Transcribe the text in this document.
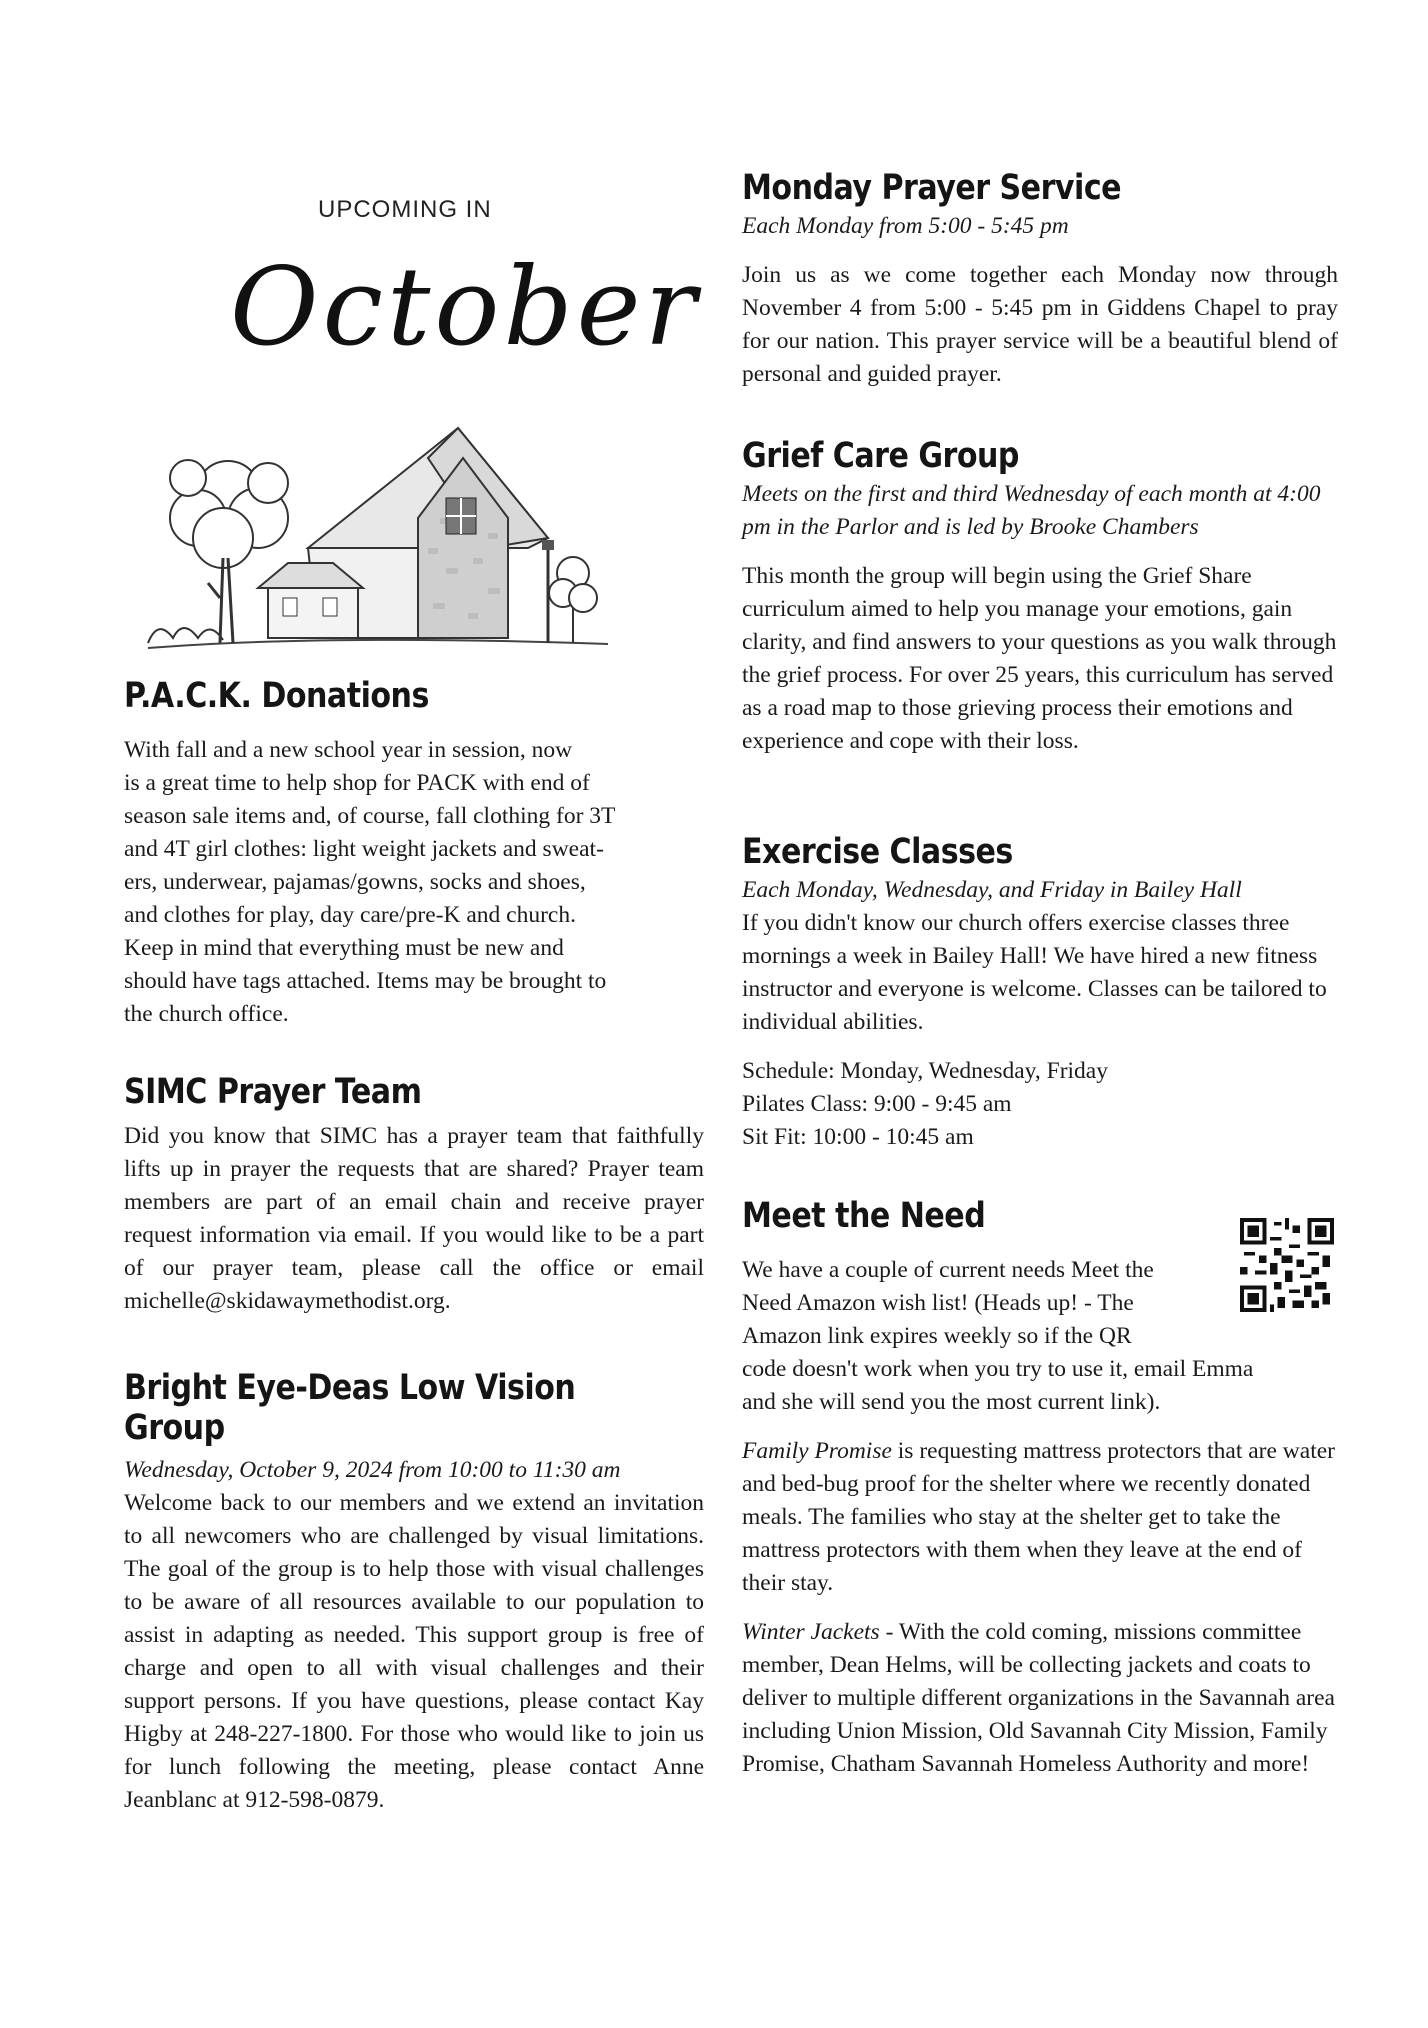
UPCOMING IN
October
P.A.C.K. Donations

With fall and a new school year in session, now

is a great time to help shop for PACK with end of

season sale items and, of course, fall clothing for 3T

and 4T girl clothes: light weight jackets and sweat-

ers, underwear, pajamas/gowns, socks and shoes,

and clothes for play, day care/pre-K and church.

Keep in mind that everything must be new and

should have tags attached. Items may be brought to

the church office.

SIMC Prayer Team

Did you know that SIMC has a prayer team that faithfully lifts up in prayer the requests that are shared? Prayer team members are part of an email chain and receive prayer request information via email. If you would like to be a part of our prayer team, please call the office or email michelle@skidawaymethodist.org.

Bright Eye-Deas Low Vision Group

Wednesday, October 9, 2024 from 10:00 to 11:30 am

Welcome back to our members and we extend an invitation to all newcomers who are challenged by visual limitations. The goal of the group is to help those with visual challenges to be aware of all resources available to our population to assist in adapting as needed. This support group is free of charge and open to all with visual challenges and their support persons. If you have questions, please contact Kay Higby at 248-227-1800. For those who would like to join us for lunch following the meeting, please contact Anne Jeanblanc at 912-598-0879.

Monday Prayer Service

Each Monday from 5:00 - 5:45 pm

Join us as we come together each Monday now through November 4 from 5:00 - 5:45 pm in Giddens Chapel to pray for our nation. This prayer service will be a beautiful blend of personal and guided prayer.

Grief Care Group

Meets on the first and third Wednesday of each month at 4:00 pm in the Parlor and is led by Brooke Chambers

This month the group will begin using the Grief Share curriculum aimed to help you manage your emotions, gain clarity, and find answers to your questions as you walk through the grief process. For over 25 years, this curriculum has served as a road map to those grieving process their emotions and experience and cope with their loss.

Exercise Classes

Each Monday, Wednesday, and Friday in Bailey Hall

If you didn't know our church offers exercise classes three mornings a week in Bailey Hall! We have hired a new fitness instructor and everyone is welcome. Classes can be tailored to individual abilities.

Schedule: Monday, Wednesday, Friday

Pilates Class: 9:00 - 9:45 am

Sit Fit: 10:00 - 10:45 am

Meet the Need

We have a couple of current needs Meet the

Need Amazon wish list! (Heads up! - The

Amazon link expires weekly so if the QR

code doesn't work when you try to use it, email Emma

and she will send you the most current link).

Family Promise is requesting mattress protectors that are water and bed-bug proof for the shelter where we recently donated meals. The families who stay at the shelter get to take the mattress protectors with them when they leave at the end of their stay.

Winter Jackets - With the cold coming, missions committee member, Dean Helms, will be collecting jackets and coats to deliver to multiple different organizations in the Savannah area including Union Mission, Old Savannah City Mission, Family Promise, Chatham Savannah Homeless Authority and more!
